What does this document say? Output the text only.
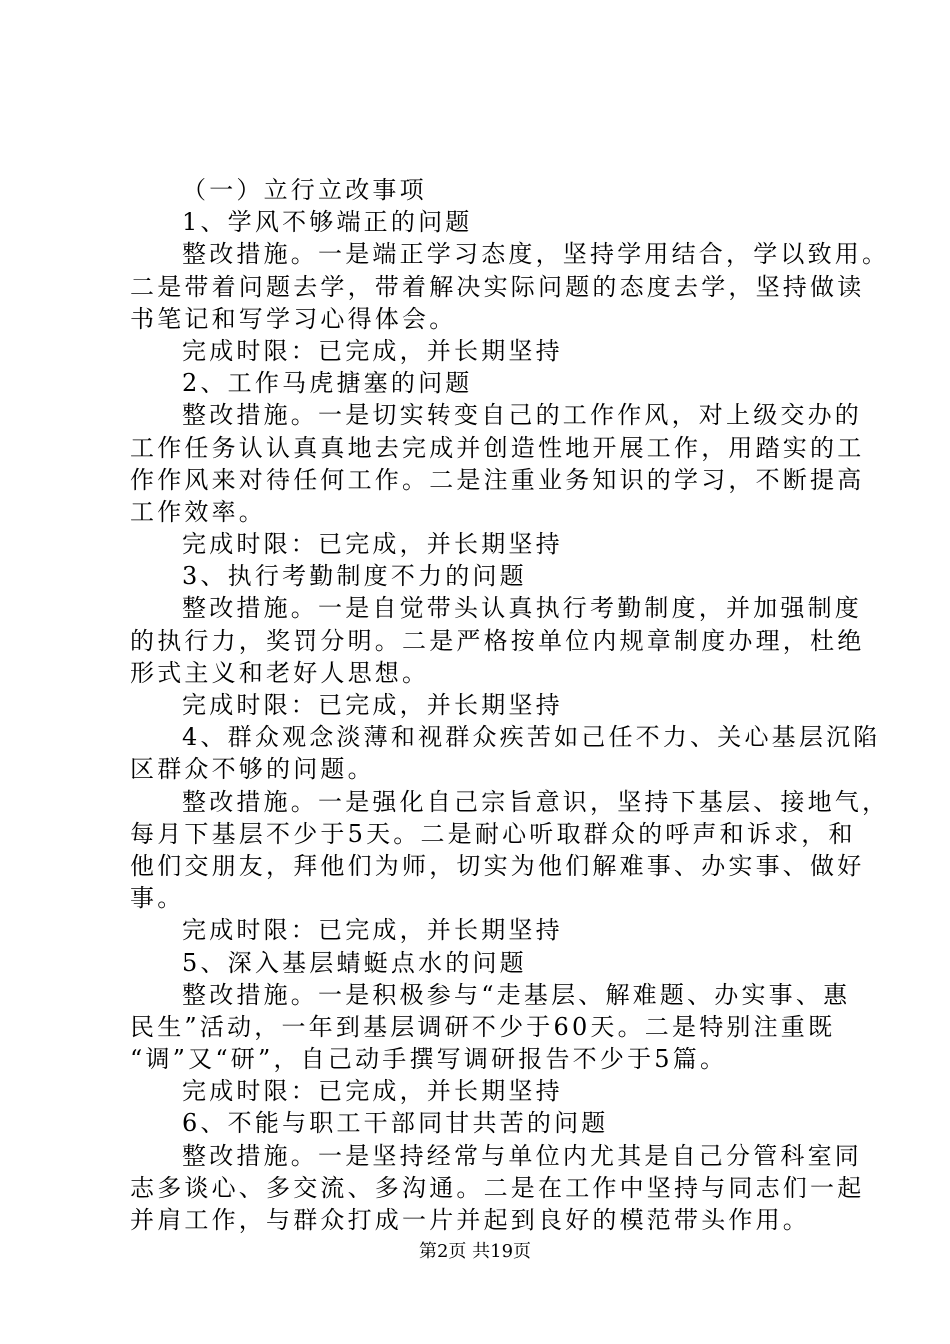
（一）立行立改事项
1、学风不够端正的问题
整改措施。一是端正学习态度，坚持学用结合，学以致用。
二是带着问题去学，带着解决实际问题的态度去学，坚持做读
书笔记和写学习心得体会。
完成时限：已完成，并长期坚持
2、工作马虎搪塞的问题
整改措施。一是切实转变自己的工作作风，对上级交办的
工作任务认认真真地去完成并创造性地开展工作，用踏实的工
作作风来对待任何工作。二是注重业务知识的学习，不断提高
工作效率。
完成时限：已完成，并长期坚持
3、执行考勤制度不力的问题
整改措施。一是自觉带头认真执行考勤制度，并加强制度
的执行力，奖罚分明。二是严格按单位内规章制度办理，杜绝
形式主义和老好人思想。
完成时限：已完成，并长期坚持
4、群众观念淡薄和视群众疾苦如己任不力、关心基层沉陷
区群众不够的问题。
整改措施。一是强化自己宗旨意识，坚持下基层、接地气，
每月下基层不少于5天。二是耐心听取群众的呼声和诉求，和
他们交朋友，拜他们为师，切实为他们解难事、办实事、做好
事。
完成时限：已完成，并长期坚持
5、深入基层蜻蜓点水的问题
整改措施。一是积极参与“走基层、解难题、办实事、惠
民生”活动，一年到基层调研不少于60天。二是特别注重既
“调”又“研”，自己动手撰写调研报告不少于5篇。
完成时限：已完成，并长期坚持
6、不能与职工干部同甘共苦的问题
整改措施。一是坚持经常与单位内尤其是自己分管科室同
志多谈心、多交流、多沟通。二是在工作中坚持与同志们一起
并肩工作，与群众打成一片并起到良好的模范带头作用。
第2页 共19页
